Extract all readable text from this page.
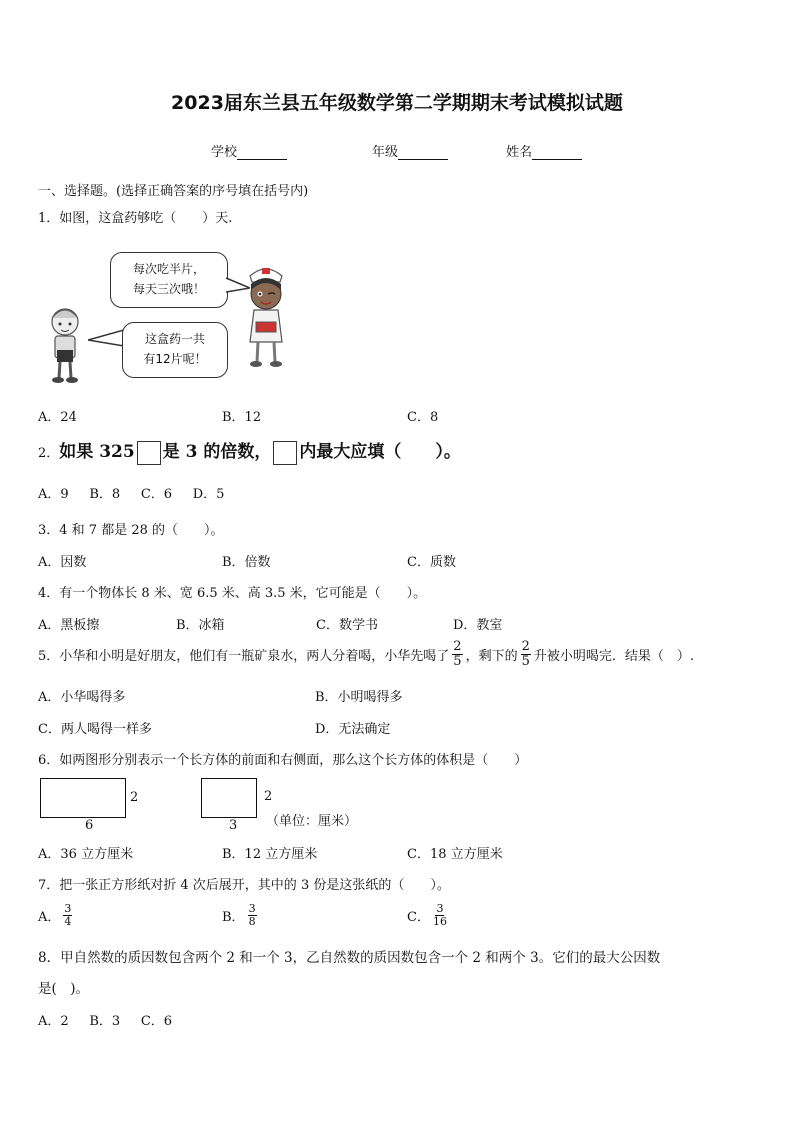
2023届东兰县五年级数学第二学期期末考试模拟试题
学校	年级	姓名
一、选择题。(选择正确答案的序号填在括号内)
1．如图，这盒药够吃（　　）天.
这盒药一共
有12片呢！
每次吃半片，
每天三次哦！
A．24	B．12	C．8
2．如果 325 是 3 的倍数， 内最大应填（　　）。
A．9 B．8 C．6 D．5
3．4 和 7 都是 28 的（　　）。
A．因数	B．倍数	C．质数
4．有一个物体长 8 米、宽 6.5 米、高 3.5 米，它可能是（　　）。
A．黑板擦	B．冰箱	C．数学书	D．教室
5．小华和小明是好朋友，他们有一瓶矿泉水，两人分着喝，小华先喝了 $\frac{2}{5}$ ，剩下的 $\frac{2}{5}$ 升被小明喝完．结果（　）.
A．小华喝得多	B．小明喝得多
C．两人喝得一样多	D．无法确定
6．如两图形分别表示一个长方体的前面和右侧面，那么这个长方体的体积是（　　）
2
6
2
3 （单位：厘米）
A．36 立方厘米	B．12 立方厘米	C．18 立方厘米
7．把一张正方形纸对折 4 次后展开，其中的 3 份是这张纸的（　　）。
A． $\frac{3}{4}$	B． $\frac{3}{8}$	C． $\frac{3}{16}$
8．甲自然数的质因数包含两个 2 和一个 3，乙自然数的质因数包含一个 2 和两个 3。它们的最大公因数
是(　)。
A．2 B．3 C．6
